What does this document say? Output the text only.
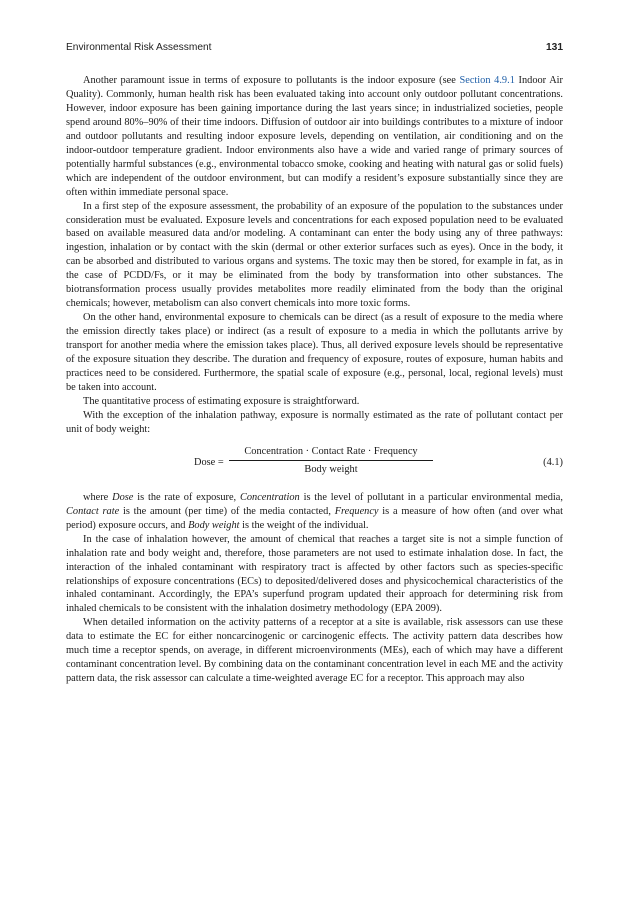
Environmental Risk Assessment	131

Another paramount issue in terms of exposure to pollutants is the indoor exposure (see Section 4.9.1 Indoor Air Quality). Commonly, human health risk has been evaluated taking into account only outdoor pollutant concentrations. However, indoor exposure has been gaining importance during the last years since; in industrialized societies, people spend around 80%–90% of their time indoors. Diffusion of outdoor air into buildings contributes to a mixture of indoor and outdoor pollutants and resulting indoor exposure levels, depending on ventilation, air conditioning and on the indoor-outdoor temperature gradient. Indoor environments also have a wide and varied range of primary sources of potentially harmful substances (e.g., environmental tobacco smoke, cooking and heating with natural gas or solid fuels) which are independent of the outdoor environment, but can modify a resident’s exposure substantially since they are often within immediate personal space.

In a first step of the exposure assessment, the probability of an exposure of the population to the substances under consideration must be evaluated. Exposure levels and concentrations for each exposed population need to be evaluated based on available measured data and/or modeling. A contaminant can enter the body using any of three pathways: ingestion, inhalation or by contact with the skin (dermal or other exterior surfaces such as eyes). Once in the body, it can be absorbed and distributed to various organs and systems. The toxic may then be stored, for example in fat, as in the case of PCDD/Fs, or it may be eliminated from the body by transformation into other substances. The biotransformation process usually provides metabolites more readily eliminated from the body than the original chemicals; however, metabolism can also convert chemicals into more toxic forms.

On the other hand, environmental exposure to chemicals can be direct (as a result of exposure to the media where the emission directly takes place) or indirect (as a result of exposure to a media in which the pollutants arrive by transport for another media where the emission takes place). Thus, all derived exposure levels should be representative of the exposure situation they describe. The duration and frequency of exposure, routes of exposure, human habits and practices need to be considered. Furthermore, the spatial scale of exposure (e.g., personal, local, regional levels) must be taken into account.

The quantitative process of estimating exposure is straightforward.

With the exception of the inhalation pathway, exposure is normally estimated as the rate of pollutant contact per unit of body weight:

Dose =
Concentration · Contact Rate · Frequency
Body weight
(4.1)

where Dose is the rate of exposure, Concentration is the level of pollutant in a particular environmental media, Contact rate is the amount (per time) of the media contacted, Frequency is a measure of how often (and over what period) exposure occurs, and Body weight is the weight of the individual.

In the case of inhalation however, the amount of chemical that reaches a target site is not a simple function of inhalation rate and body weight and, therefore, those parameters are not used to estimate inhalation dose. In fact, the interaction of the inhaled contaminant with respiratory tract is affected by other factors such as species-specific relationships of exposure concentrations (ECs) to deposited/delivered doses and physicochemical characteristics of the inhaled contaminant. Accordingly, the EPA’s superfund program updated their approach for determining risk from inhaled chemicals to be consistent with the inhalation dosimetry methodology (EPA 2009).

When detailed information on the activity patterns of a receptor at a site is available, risk assessors can use these data to estimate the EC for either noncarcinogenic or carcinogenic effects. The activity pattern data describes how much time a receptor spends, on average, in different microenvironments (MEs), each of which may have a different contaminant concentration level. By combining data on the contaminant concentration level in each ME and the activity pattern data, the risk assessor can calculate a time-weighted average EC for a receptor. This approach may also
